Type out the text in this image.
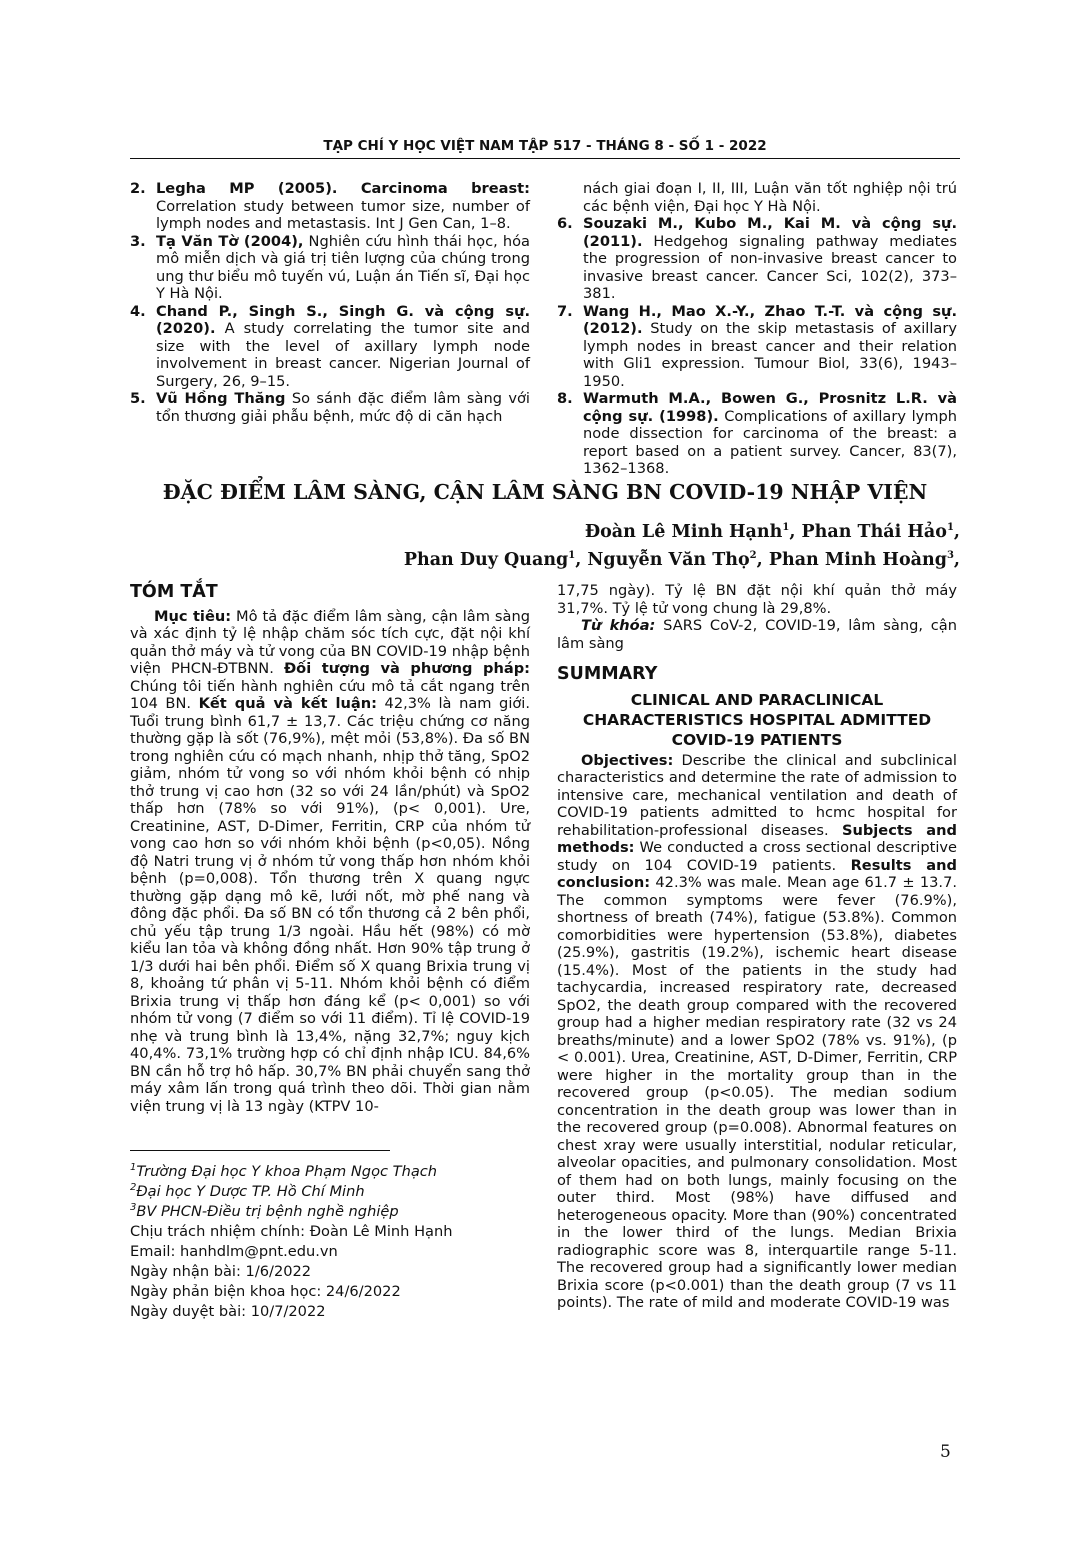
TẠP CHÍ Y HỌC VIỆT NAM TẬP 517 - THÁNG 8 - SỐ 1 - 2022
2. Legha MP (2005). Carcinoma breast: Correlation study between tumor size, number of lymph nodes and metastasis. Int J Gen Can, 1–8.
3. Tạ Văn Tờ (2004), Nghiên cứu hình thái học, hóa mô miễn dịch và giá trị tiên lượng của chúng trong ung thư biểu mô tuyến vú, Luận án Tiến sĩ, Đại học Y Hà Nội.
4. Chand P., Singh S., Singh G. và cộng sự. (2020). A study correlating the tumor site and size with the level of axillary lymph node involvement in breast cancer. Nigerian Journal of Surgery, 26, 9–15.
5. Vũ Hồng Thăng So sánh đặc điểm lâm sàng với tổn thương giải phẫu bệnh, mức độ di căn hạch
nách giai đoạn I, II, III, Luận văn tốt nghiệp nội trú các bệnh viện, Đại học Y Hà Nội.
6. Souzaki M., Kubo M., Kai M. và cộng sự. (2011). Hedgehog signaling pathway mediates the progression of non-invasive breast cancer to invasive breast cancer. Cancer Sci, 102(2), 373–381.
7. Wang H., Mao X.-Y., Zhao T.-T. và cộng sự. (2012). Study on the skip metastasis of axillary lymph nodes in breast cancer and their relation with Gli1 expression. Tumour Biol, 33(6), 1943–1950.
8. Warmuth M.A., Bowen G., Prosnitz L.R. và cộng sự. (1998). Complications of axillary lymph node dissection for carcinoma of the breast: a report based on a patient survey. Cancer, 83(7), 1362–1368.
ĐẶC ĐIỂM LÂM SÀNG, CẬN LÂM SÀNG BN COVID-19 NHẬP VIỆN
Đoàn Lê Minh Hạnh$^1$, Phan Thái Hảo$^1$,
Phan Duy Quang$^1$, Nguyễn Văn Thọ$^2$, Phan Minh Hoàng$^3$,
TÓM TẮT
Mục tiêu: Mô tả đặc điểm lâm sàng, cận lâm sàng và xác định tỷ lệ nhập chăm sóc tích cực, đặt nội khí quản thở máy và tử vong của BN COVID-19 nhập bệnh viện PHCN-ĐTBNN. Đối tượng và phương pháp: Chúng tôi tiến hành nghiên cứu mô tả cắt ngang trên 104 BN. Kết quả và kết luận: 42,3% là nam giới. Tuổi trung bình 61,7 ± 13,7. Các triệu chứng cơ năng thường gặp là sốt (76,9%), mệt mỏi (53,8%). Đa số BN trong nghiên cứu có mạch nhanh, nhịp thở tăng, SpO2 giảm, nhóm tử vong so với nhóm khỏi bệnh có nhịp thở trung vị cao hơn (32 so với 24 lần/phút) và SpO2 thấp hơn (78% so với 91%), (p< 0,001). Ure, Creatinine, AST, D-Dimer, Ferritin, CRP của nhóm tử vong cao hơn so với nhóm khỏi bệnh (p<0,05). Nồng độ Natri trung vị ở nhóm tử vong thấp hơn nhóm khỏi bệnh (p=0,008). Tổn thương trên X quang ngực thường gặp dạng mô kẽ, lưới nốt, mờ phế nang và đông đặc phổi. Đa số BN có tổn thương cả 2 bên phổi, chủ yếu tập trung 1/3 ngoài. Hầu hết (98%) có mờ kiểu lan tỏa và không đồng nhất. Hơn 90% tập trung ở 1/3 dưới hai bên phổi. Điểm số X quang Brixia trung vị 8, khoảng tứ phân vị 5-11. Nhóm khỏi bệnh có điểm Brixia trung vị thấp hơn đáng kể (p< 0,001) so với nhóm tử vong (7 điểm so với 11 điểm). Tỉ lệ COVID-19 nhẹ và trung bình là 13,4%, nặng 32,7%; nguy kịch 40,4%. 73,1% trường hợp có chỉ định nhập ICU. 84,6% BN cần hỗ trợ hô hấp. 30,7% BN phải chuyển sang thở máy xâm lấn trong quá trình theo dõi. Thời gian nằm viện trung vị là 13 ngày (KTPV 10-
17,75 ngày). Tỷ lệ BN đặt nội khí quản thở máy 31,7%. Tỷ lệ tử vong chung là 29,8%.
Từ khóa: SARS CoV-2, COVID-19, lâm sàng, cận lâm sàng
SUMMARY
CLINICAL AND PARACLINICAL CHARACTERISTICS HOSPITAL ADMITTED COVID-19 PATIENTS
Objectives: Describe the clinical and subclinical characteristics and determine the rate of admission to intensive care, mechanical ventilation and death of COVID-19 patients admitted to hcmc hospital for rehabilitation-professional diseases. Subjects and methods: We conducted a cross sectional descriptive study on 104 COVID-19 patients. Results and conclusion: 42.3% was male. Mean age 61.7 ± 13.7. The common symptoms were fever (76.9%), shortness of breath (74%), fatigue (53.8%). Common comorbidities were hypertension (53.8%), diabetes (25.9%), gastritis (19.2%), ischemic heart disease (15.4%). Most of the patients in the study had tachycardia, increased respiratory rate, decreased SpO2, the death group compared with the recovered group had a higher median respiratory rate (32 vs 24 breaths/minute) and a lower SpO2 (78% vs. 91%), (p < 0.001). Urea, Creatinine, AST, D-Dimer, Ferritin, CRP were higher in the mortality group than in the recovered group (p<0.05). The median sodium concentration in the death group was lower than in the recovered group (p=0.008). Abnormal features on chest xray were usually interstitial, nodular reticular, alveolar opacities, and pulmonary consolidation. Most of them had on both lungs, mainly focusing on the outer third. Most (98%) have diffused and heterogeneous opacity. More than (90%) concentrated in the lower third of the lungs. Median Brixia radiographic score was 8, interquartile range 5-11. The recovered group had a significantly lower median Brixia score (p<0.001) than the death group (7 vs 11 points). The rate of mild and moderate COVID-19 was
$^1$Trường Đại học Y khoa Phạm Ngọc Thạch
$^2$Đại học Y Dược TP. Hồ Chí Minh
$^3$BV PHCN-Điều trị bệnh nghề nghiệp
Chịu trách nhiệm chính: Đoàn Lê Minh Hạnh
Email: hanhdlm@pnt.edu.vn
Ngày nhận bài: 1/6/2022
Ngày phản biện khoa học: 24/6/2022
Ngày duyệt bài: 10/7/2022
5
